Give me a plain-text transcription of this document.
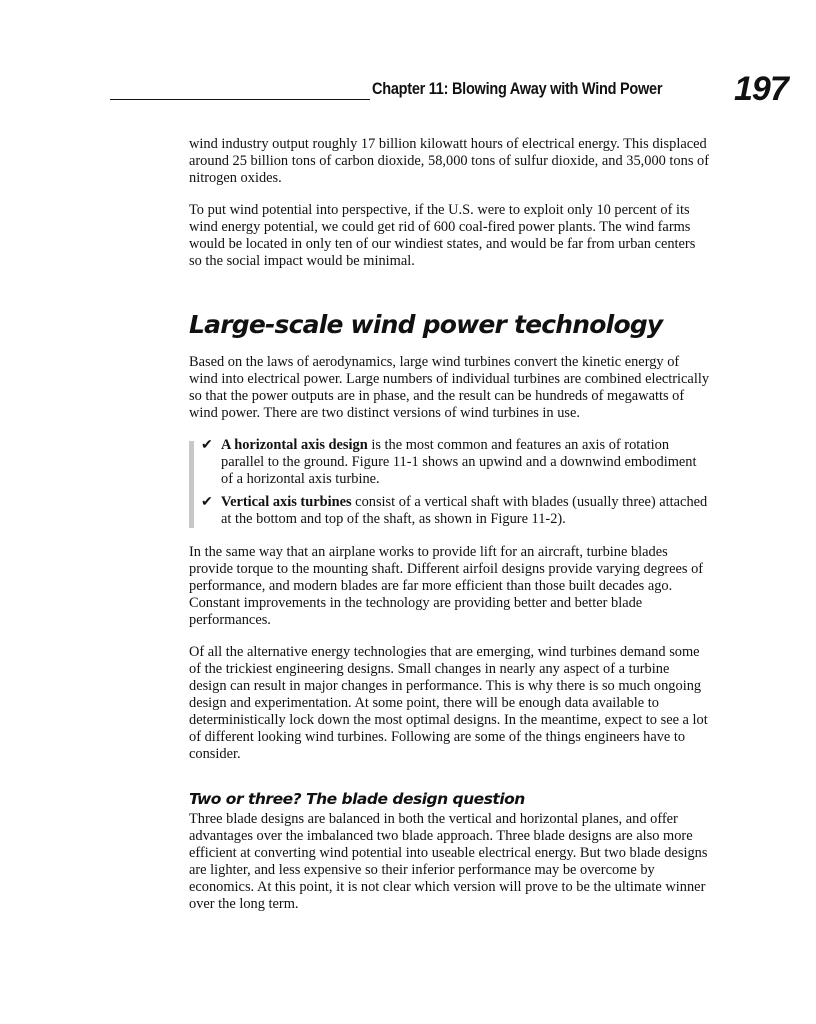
Chapter 11: Blowing Away with Wind Power 197

wind industry output roughly 17 billion kilowatt hours of electrical energy. This displaced around 25 billion tons of carbon dioxide, 58,000 tons of sulfur dioxide, and 35,000 tons of nitrogen oxides.

To put wind potential into perspective, if the U.S. were to exploit only 10 percent of its wind energy potential, we could get rid of 600 coal-fired power plants. The wind farms would be located in only ten of our windiest states, and would be far from urban centers so the social impact would be minimal.

Large-scale wind power technology

Based on the laws of aerodynamics, large wind turbines convert the kinetic energy of wind into electrical power. Large numbers of individual turbines are combined electrically so that the power outputs are in phase, and the result can be hundreds of megawatts of wind power. There are two distinct versions of wind turbines in use.

✔ A horizontal axis design is the most common and features an axis of rotation parallel to the ground. Figure 11-1 shows an upwind and a downwind embodiment of a horizontal axis turbine.
✔ Vertical axis turbines consist of a vertical shaft with blades (usually three) attached at the bottom and top of the shaft, as shown in Figure 11-2).

In the same way that an airplane works to provide lift for an aircraft, turbine blades provide torque to the mounting shaft. Different airfoil designs provide varying degrees of performance, and modern blades are far more efficient than those built decades ago. Constant improvements in the technology are providing better and better blade performances.

Of all the alternative energy technologies that are emerging, wind turbines demand some of the trickiest engineering designs. Small changes in nearly any aspect of a turbine design can result in major changes in performance. This is why there is so much ongoing design and experimentation. At some point, there will be enough data available to deterministically lock down the most optimal designs. In the meantime, expect to see a lot of different looking wind turbines. Following are some of the things engineers have to consider.

Two or three? The blade design question

Three blade designs are balanced in both the vertical and horizontal planes, and offer advantages over the imbalanced two blade approach. Three blade designs are also more efficient at converting wind potential into useable electrical energy. But two blade designs are lighter, and less expensive so their inferior performance may be overcome by economics. At this point, it is not clear which version will prove to be the ultimate winner over the long term.
